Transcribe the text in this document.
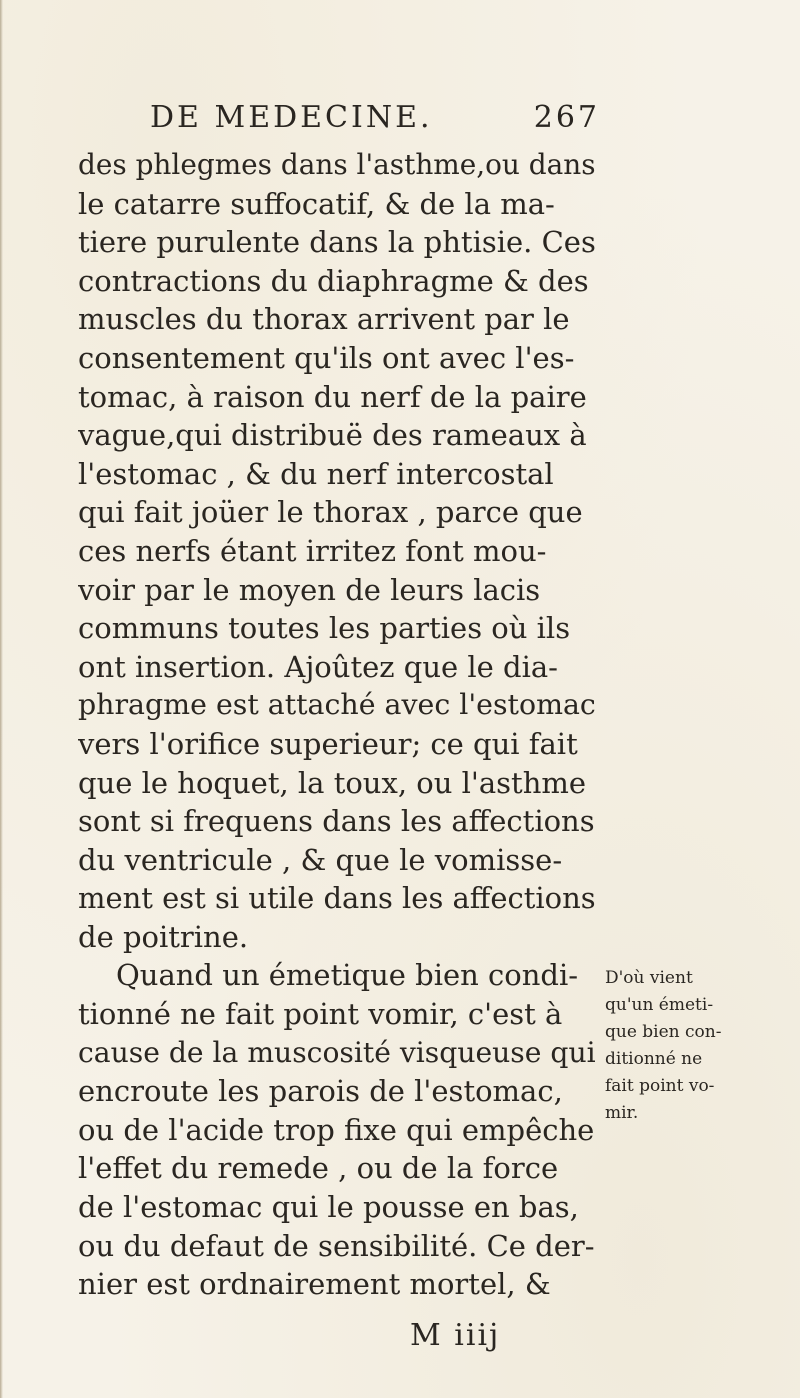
DE MEDECINE.	267
des phlegmes dans l'asthme,ou dans
le catarre suffocatif, & de la ma-
tiere purulente dans la phtisie. Ces
contractions du diaphragme & des
muscles du thorax arrivent par le
consentement qu'ils ont avec l'es-
tomac, à raison du nerf de la paire
vague,qui distribuë des rameaux à
l'estomac , & du nerf intercostal
qui fait joüer le thorax , parce que
ces nerfs étant irritez font mou-
voir par le moyen de leurs lacis
communs toutes les parties où ils
ont insertion. Ajoûtez que le dia-
phragme est attaché avec l'estomac
vers l'orifice superieur; ce qui fait
que le hoquet, la toux, ou l'asthme
sont si frequens dans les affections
du ventricule , & que le vomisse-
ment est si utile dans les affections
de poitrine.
Quand un émetique bien condi-
tionné ne fait point vomir, c'est à
cause de la muscosité visqueuse qui
encroute les parois de l'estomac,
ou de l'acide trop fixe qui empêche
l'effet du remede , ou de la force
de l'estomac qui le pousse en bas,
ou du defaut de sensibilité. Ce der-
nier est ordnairement mortel, &
D'où vient
qu'un émeti-
que bien con-
ditionné ne
fait point vo-
mir.
M iiij
